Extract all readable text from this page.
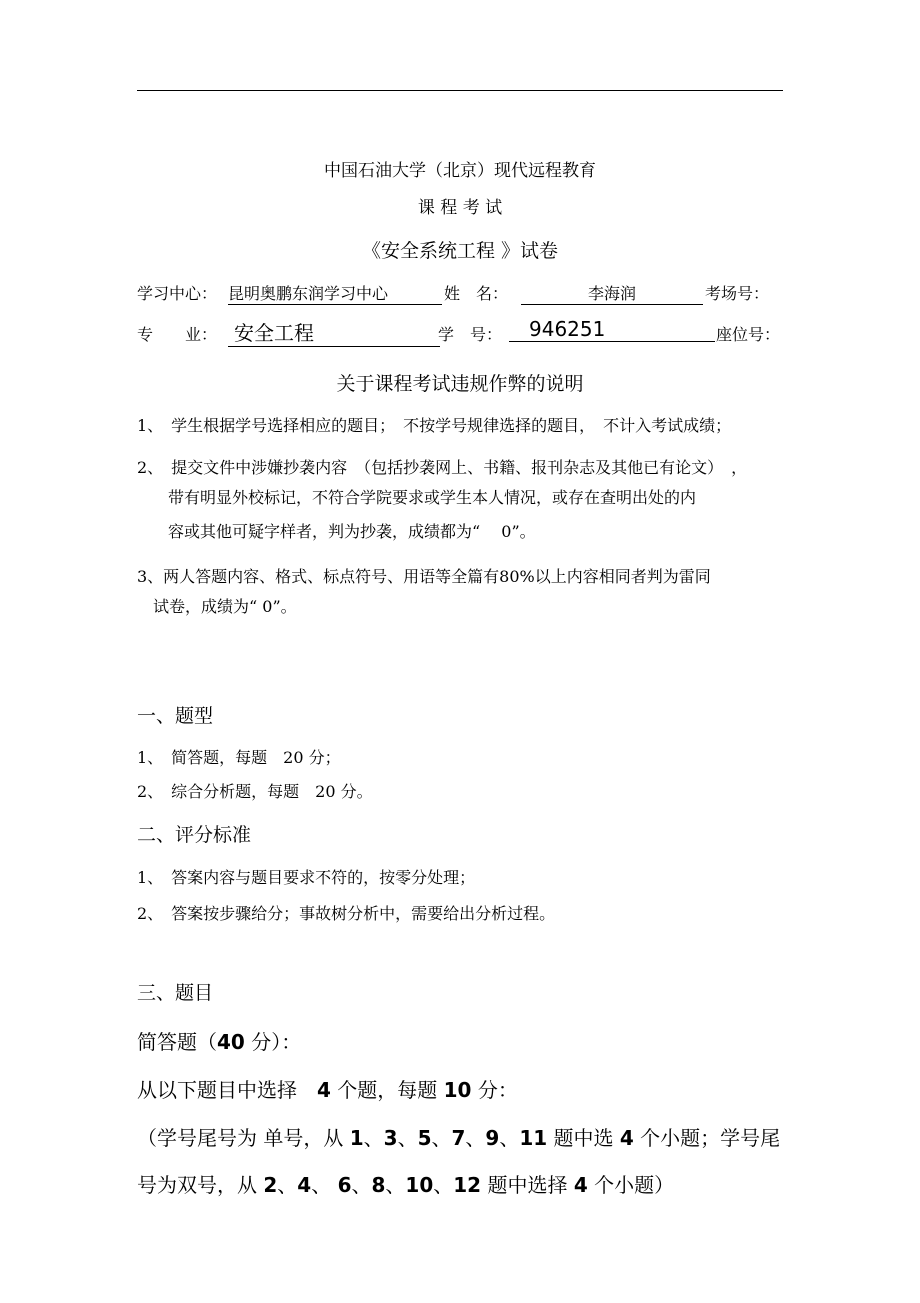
中国石油大学（北京）现代远程教育
课 程 考 试
《安全系统工程 》试卷
学习中心： 昆明奥鹏东润学习中心	姓　名：	李海润	考场号：
专　　业： 安全工程	学　号：	946251	座位号：
关于课程考试违规作弊的说明
1、　学生根据学号选择相应的题目；　不按学号规律选择的题目，　不计入考试成绩；
2、　提交文件中涉嫌抄袭内容　（包括抄袭网上、书籍、报刊杂志及其他已有论文）　，
带有明显外校标记，不符合学院要求或学生本人情况，或存在查明出处的内
容或其他可疑字样者，判为抄袭，成绩都为“　 0”。
3、两人答题内容、格式、标点符号、用语等全篇有80%以上内容相同者判为雷同
试卷，成绩为“ 0”。
一、题型
1、　简答题，每题　20 分；
2、　综合分析题，每题　20 分。
二、评分标准
1、　答案内容与题目要求不符的，按零分处理；
2、　答案按步骤给分；事故树分析中，需要给出分析过程。
三、题目
简答题（40 分）：
从以下题目中选择　4 个题，每题 10 分：
（学号尾号为 单号，从 1、3、5、7、9、11 题中选 4 个小题；学号尾
号为双号，从 2、4、 6、8、10、12 题中选择 4 个小题）
